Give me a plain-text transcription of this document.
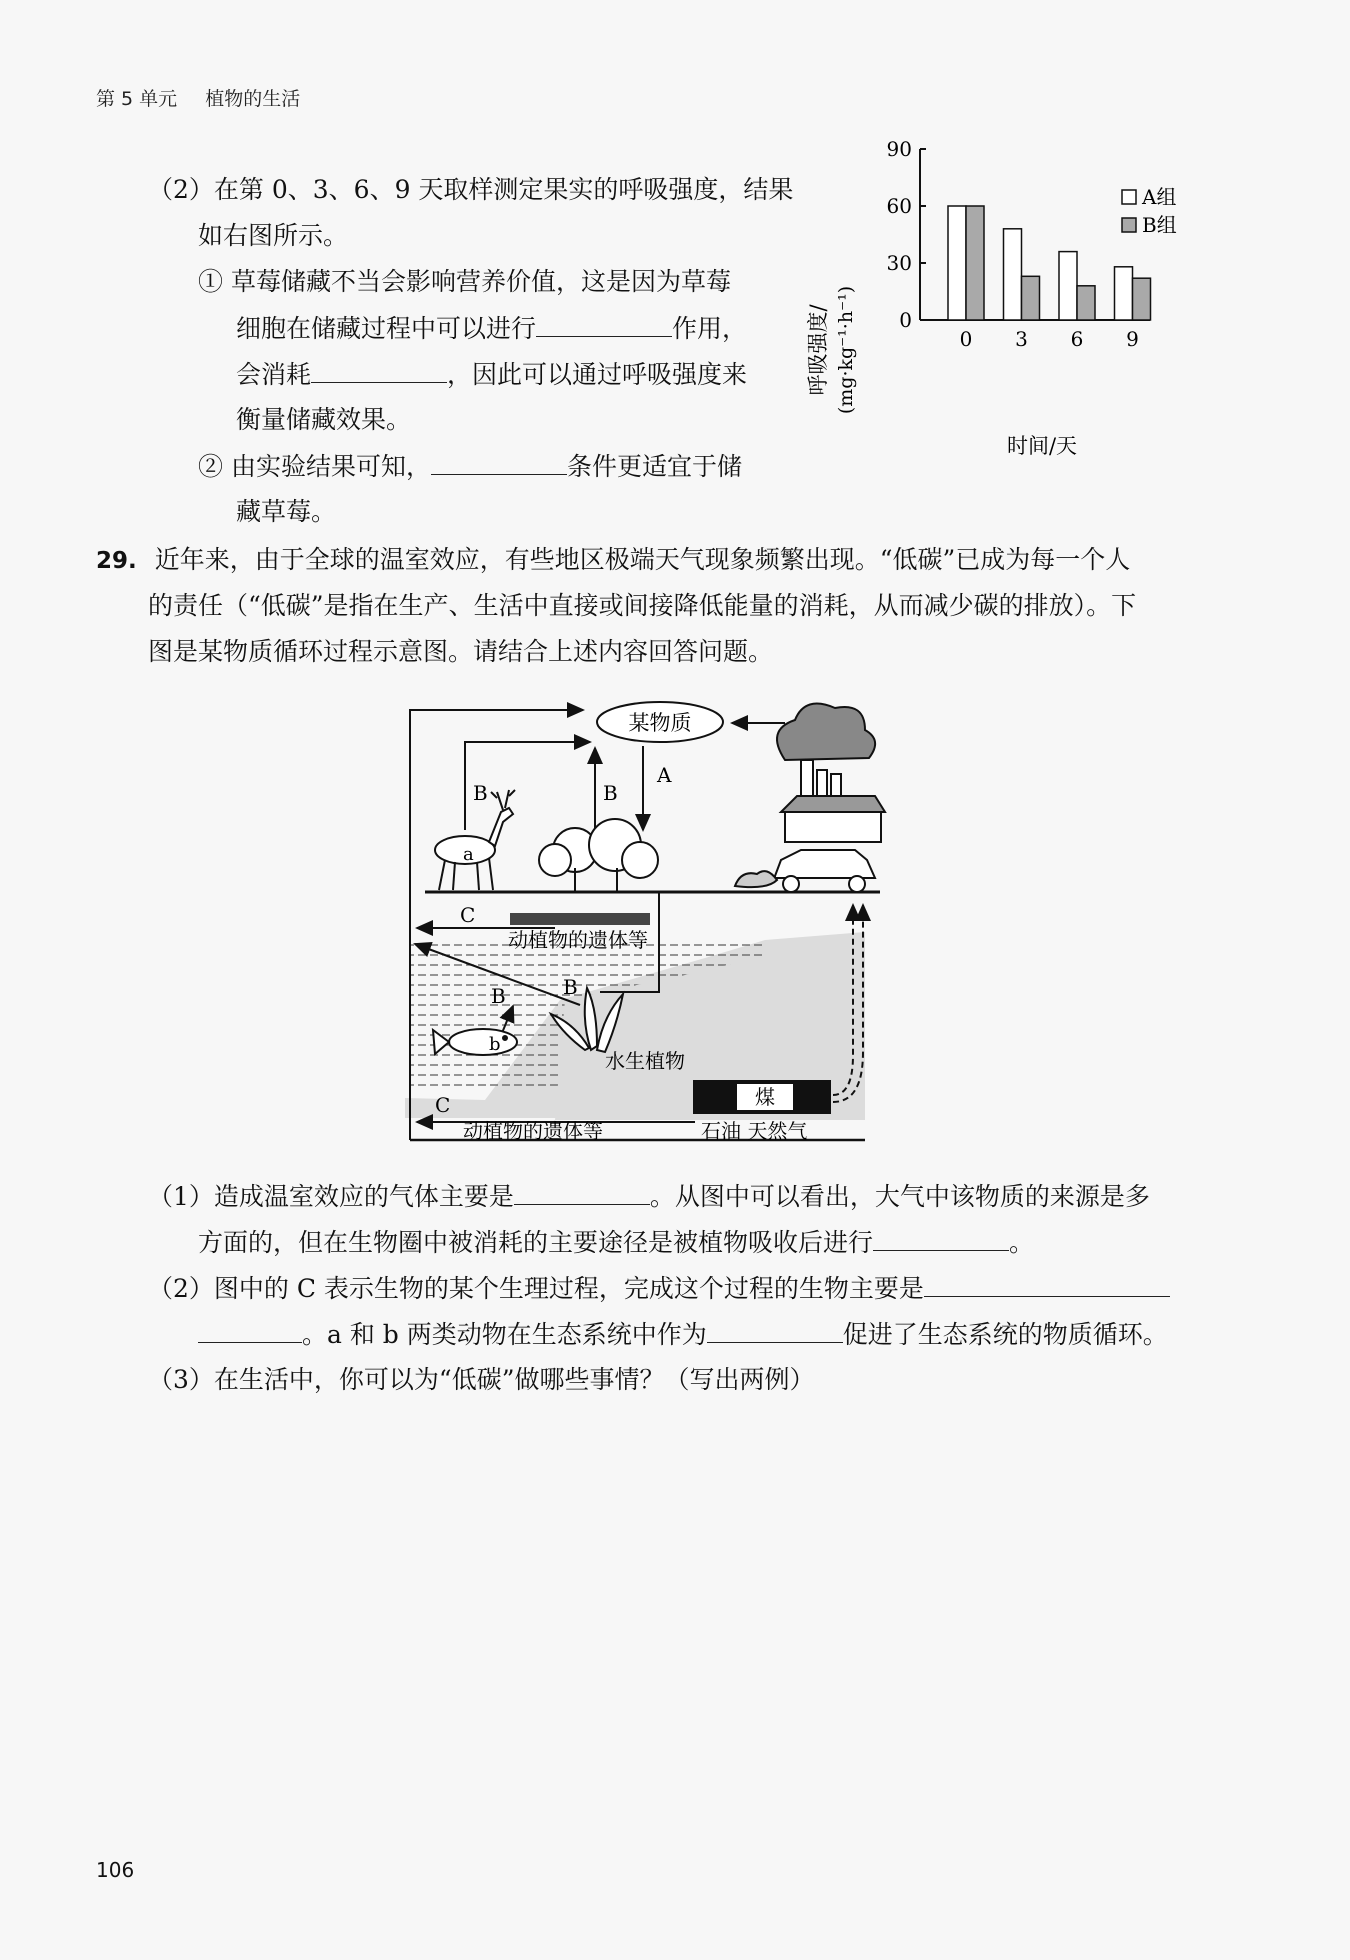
第 5 单元 植物的生活
（2）在第 0、3、6、9 天取样测定果实的呼吸强度，结果
如右图所示。
① 草莓储藏不当会影响营养价值，这是因为草莓
细胞在储藏过程中可以进行	作用，
会消耗	，因此可以通过呼吸强度来
衡量储藏效果。
② 由实验结果可知，	条件更适宜于储
藏草莓。
0
30
60
90
0 3 6 9
呼吸强度/ (mg·kg⁻¹·h⁻¹)
时间/天
A组
B组
29. 近年来，由于全球的温室效应，有些地区极端天气现象频繁出现。“低碳”已成为每一个人
的责任（“低碳”是指在生产、生活中直接或间接降低能量的消耗，从而减少碳的排放）。下
图是某物质循环过程示意图。请结合上述内容回答问题。
某物质
B	B
A
a
C
动植物的遗体等
B	B
b
水生植物
煤
石油 天然气
C
动植物的遗体等
（1）造成温室效应的气体主要是	。从图中可以看出，大气中该物质的来源是多
方面的，但在生物圈中被消耗的主要途径是被植物吸收后进行	。
（2）图中的 C 表示生物的某个生理过程，完成这个过程的生物主要是
。a 和 b 两类动物在生态系统中作为	促进了生态系统的物质循环。
（3）在生活中，你可以为“低碳”做哪些事情？（写出两例）
106
